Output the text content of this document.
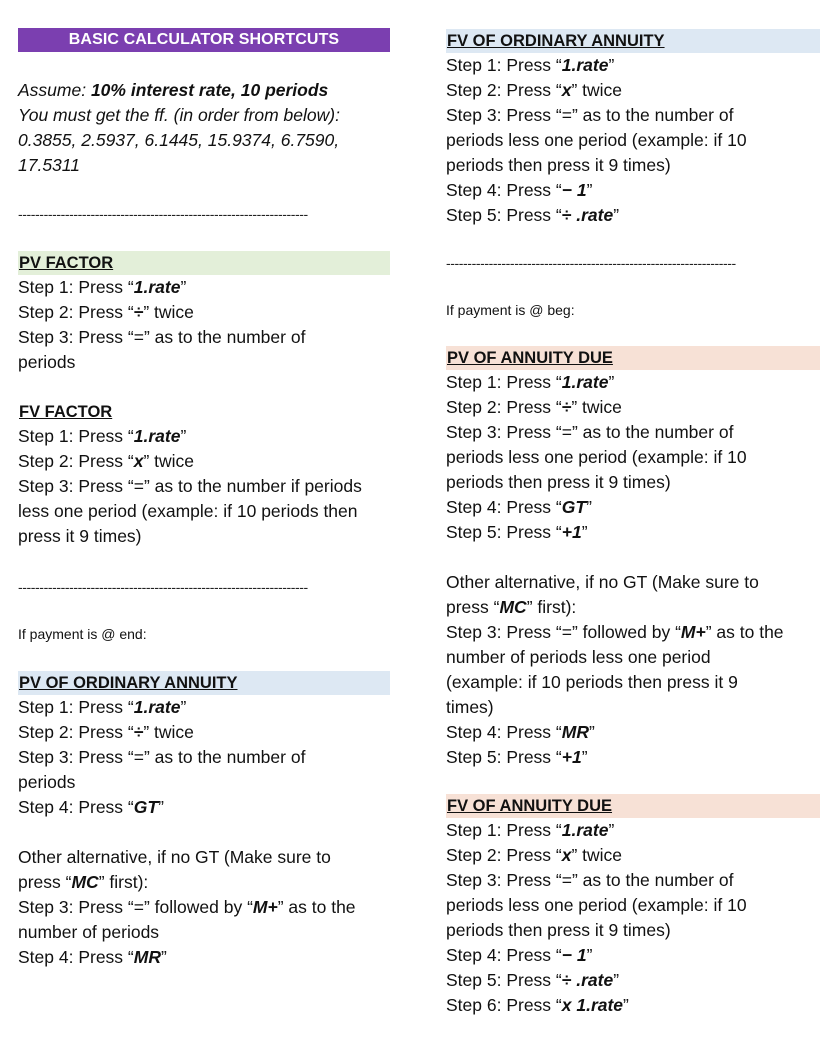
BASIC CALCULATOR SHORTCUTS
Assume: 10% interest rate, 10 periods
You must get the ff. (in order from below):
0.3855, 2.5937, 6.1445, 15.9374, 6.7590,
17.5311
--------------------------------------------------------------------
PV FACTOR
Step 1: Press “1.rate”
Step 2: Press “÷” twice
Step 3: Press “=” as to the number of
periods
FV FACTOR
Step 1: Press “1.rate”
Step 2: Press “x” twice
Step 3: Press “=” as to the number if periods
less one period (example: if 10 periods then
press it 9 times)
--------------------------------------------------------------------
If payment is @ end:
PV OF ORDINARY ANNUITY
Step 1: Press “1.rate”
Step 2: Press “÷” twice
Step 3: Press “=” as to the number of
periods
Step 4: Press “GT”
Other alternative, if no GT (Make sure to
press “MC” first):
Step 3: Press “=” followed by “M+” as to the
number of periods
Step 4: Press “MR”
FV OF ORDINARY ANNUITY
Step 1: Press “1.rate”
Step 2: Press “x” twice
Step 3: Press “=” as to the number of
periods less one period (example: if 10
periods then press it 9 times)
Step 4: Press “− 1”
Step 5: Press “÷ .rate”
--------------------------------------------------------------------
If payment is @ beg:
PV OF ANNUITY DUE
Step 1: Press “1.rate”
Step 2: Press “÷” twice
Step 3: Press “=” as to the number of
periods less one period (example: if 10
periods then press it 9 times)
Step 4: Press “GT”
Step 5: Press “+1”
Other alternative, if no GT (Make sure to
press “MC” first):
Step 3: Press “=” followed by “M+” as to the
number of periods less one period
(example: if 10 periods then press it 9
times)
Step 4: Press “MR”
Step 5: Press “+1”
FV OF ANNUITY DUE
Step 1: Press “1.rate”
Step 2: Press “x” twice
Step 3: Press “=” as to the number of
periods less one period (example: if 10
periods then press it 9 times)
Step 4: Press “− 1”
Step 5: Press “÷ .rate”
Step 6: Press “x 1.rate”
